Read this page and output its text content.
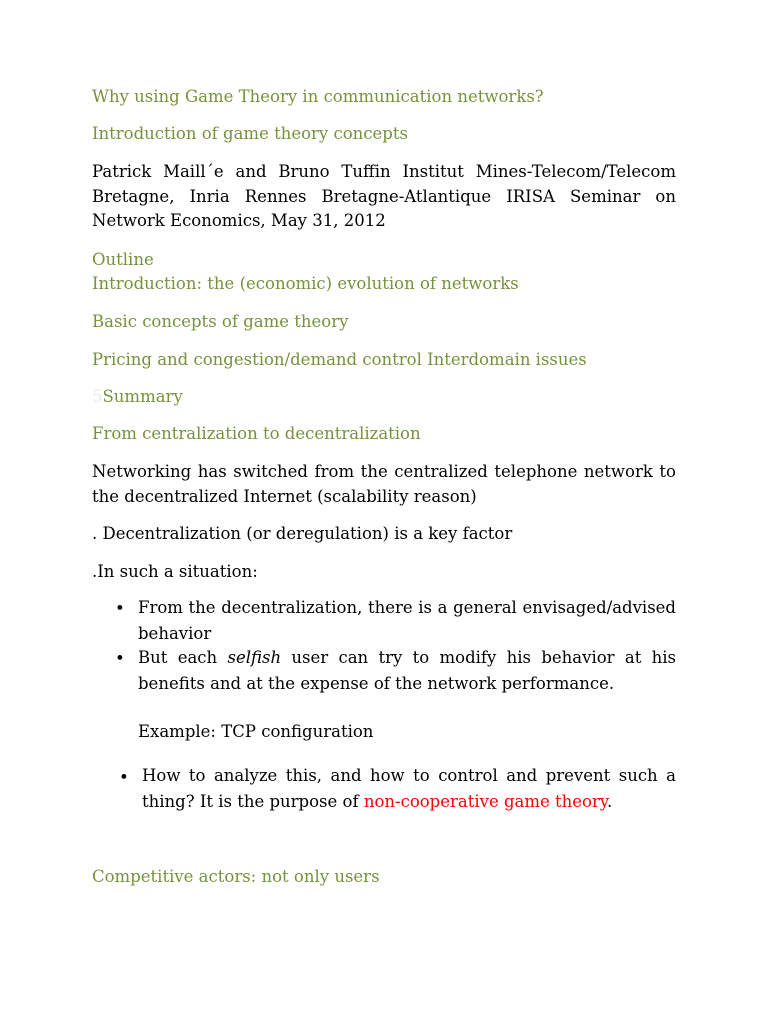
Why using Game Theory in communication networks?
Introduction of game theory concepts
Patrick Maill´e and Bruno Tuffin Institut Mines-Telecom/Telecom Bretagne, Inria Rennes Bretagne-Atlantique IRISA Seminar on Network Economics, May 31, 2012
Outline
Introduction: the (economic) evolution of networks
Basic concepts of game theory
Pricing and congestion/demand control Interdomain issues
5Summary
From centralization to decentralization
Networking has switched from the centralized telephone network to the decentralized Internet (scalability reason)
. Decentralization (or deregulation) is a key factor
.In such a situation:
• From the decentralization, there is a general envisaged/advised behavior
• But each selfish user can try to modify his behavior at his benefits and at the expense of the network performance.
Example: TCP configuration
• How to analyze this, and how to control and prevent such a thing? It is the purpose of non-cooperative game theory.
Competitive actors: not only users
